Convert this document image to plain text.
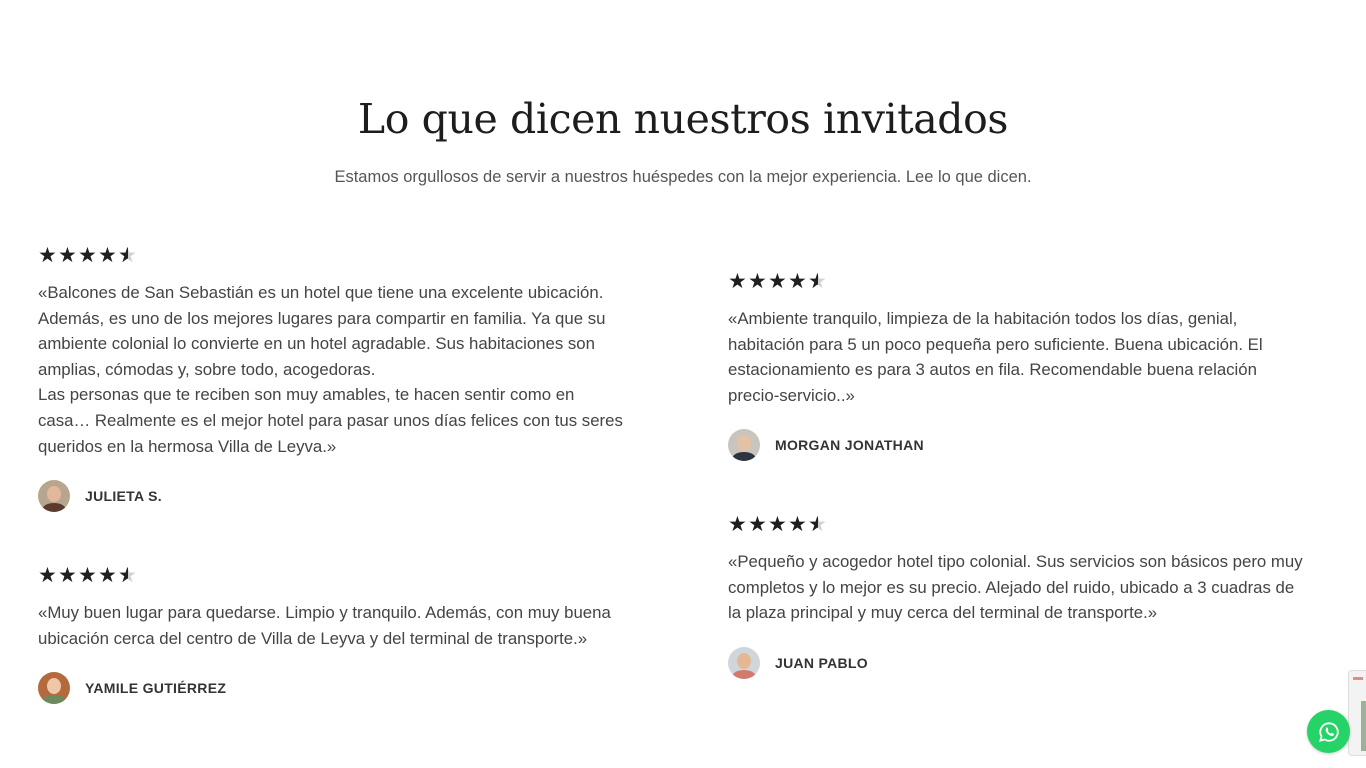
Lo que dicen nuestros invitados

Estamos orgullosos de servir a nuestros huéspedes con la mejor experiencia. Lee lo que dicen.

★ ★ ★ ★ ★ ★

«Balcones de San Sebastián es un hotel que tiene una excelente ubicación.
Además, es uno de los mejores lugares para compartir en familia. Ya que su
ambiente colonial lo convierte en un hotel agradable. Sus habitaciones son
amplias, cómodas y, sobre todo, acogedoras.
Las personas que te reciben son muy amables, te hacen sentir como en
casa… Realmente es el mejor hotel para pasar unos días felices con tus seres
queridos en la hermosa Villa de Leyva.»

JULIETA S.
★ ★ ★ ★ ★ ★

«Ambiente tranquilo, limpieza de la habitación todos los días, genial,
habitación para 5 un poco pequeña pero suficiente. Buena ubicación. El
estacionamiento es para 3 autos en fila. Recomendable buena relación
precio-servicio..»

MORGAN JONATHAN
★ ★ ★ ★ ★ ★

«Muy buen lugar para quedarse. Limpio y tranquilo. Además, con muy buena
ubicación cerca del centro de Villa de Leyva y del terminal de transporte.»

YAMILE GUTIÉRREZ
★ ★ ★ ★ ★ ★

«Pequeño y acogedor hotel tipo colonial. Sus servicios son básicos pero muy
completos y lo mejor es su precio. Alejado del ruido, ubicado a 3 cuadras de
la plaza principal y muy cerca del terminal de transporte.»

JUAN PABLO
